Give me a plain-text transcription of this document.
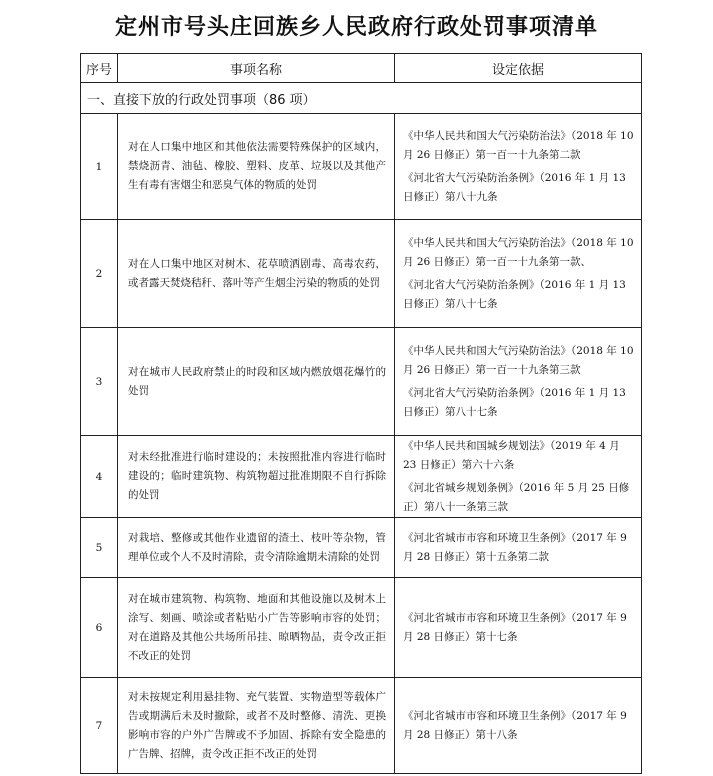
定州市号头庄回族乡人民政府行政处罚事项清单
序号	事项名称	设定依据
一、直接下放的行政处罚事项（86 项）		
1	对在人口集中地区和其他依法需要特殊保护的区域内，禁烧沥青、油毡、橡胶、塑料、皮革、垃圾以及其他产生有毒有害烟尘和恶臭气体的物质的处罚	《中华人民共和国大气污染防治法》（2018 年 10 月 26 日修正）第一百一十九条第二款
《河北省大气污染防治条例》（2016 年 1 月 13 日修正）第八十九条

2	对在人口集中地区对树木、花草喷洒剧毒、高毒农药，或者露天焚烧秸秆、落叶等产生烟尘污染的物质的处罚	《中华人民共和国大气污染防治法》（2018 年 10 月 26 日修正）第一百一十九条第一款、
《河北省大气污染防治条例》（2016 年 1 月 13 日修正）第八十七条

3	对在城市人民政府禁止的时段和区域内燃放烟花爆竹的处罚	《中华人民共和国大气污染防治法》（2018 年 10 月 26 日修正）第一百一十九条第三款
《河北省大气污染防治条例》（2016 年 1 月 13 日修正）第八十七条

4	对未经批准进行临时建设的；未按照批准内容进行临时建设的；临时建筑物、构筑物超过批准期限不自行拆除的处罚	《中华人民共和国城乡规划法》（2019 年 4 月 23 日修正）第六十六条
《河北省城乡规划条例》（2016 年 5 月 25 日修正）第八十一条第三款

5	对栽培、整修或其他作业遗留的渣土、枝叶等杂物，管理单位或个人不及时清除，责令清除逾期未清除的处罚	《河北省城市市容和环境卫生条例》（2017 年 9 月 28 日修正）第十五条第二款

6	对在城市建筑物、构筑物、地面和其他设施以及树木上涂写、刻画、喷涂或者粘贴小广告等影响市容的处罚；对在道路及其他公共场所吊挂、晾晒物品，责令改正拒不改正的处罚	《河北省城市市容和环境卫生条例》（2017 年 9 月 28 日修正）第十七条

7	对未按规定利用悬挂物、充气装置、实物造型等载体广告或期满后未及时撤除，或者不及时整修、清洗、更换影响市容的户外广告牌或不予加固、拆除有安全隐患的广告牌、招牌，责令改正拒不改正的处罚	《河北省城市市容和环境卫生条例》（2017 年 9 月 28 日修正）第十八条
